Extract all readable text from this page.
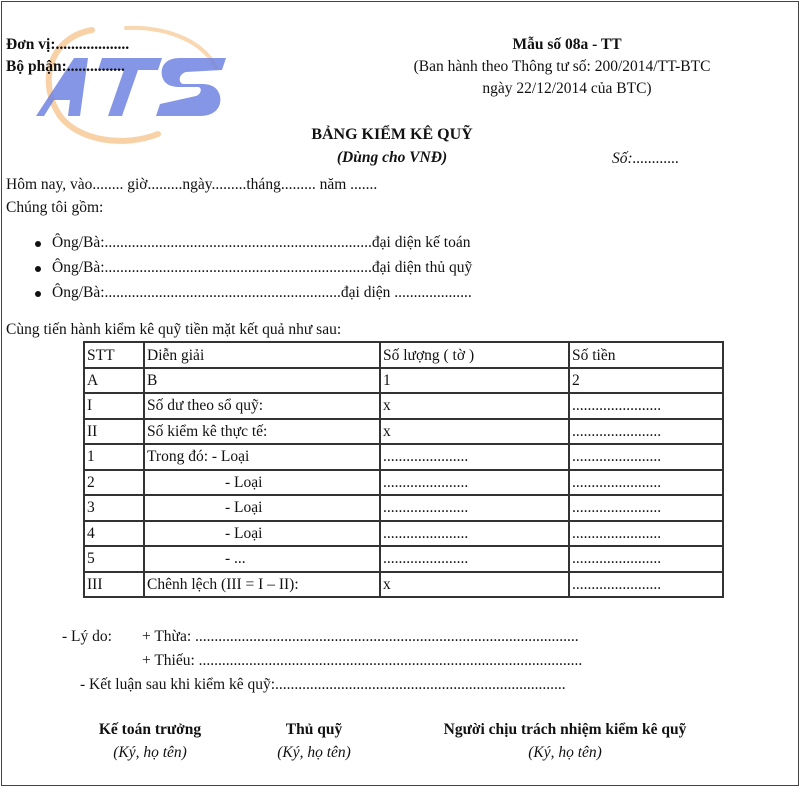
Đơn vị:...................
Bộ phận:...............
Mẫu số 08a - TT
(Ban hành theo Thông tư số: 200/2014/TT-BTC
ngày 22/12/2014 của BTC)
BẢNG KIỂM KÊ QUỸ
(Dùng cho VNĐ)	Số:............
Hôm nay, vào........ giờ.........ngày.........tháng......... năm .......
Chúng tôi gồm:
Ông/Bà:.....................................................................đại diện kế toán
Ông/Bà:.....................................................................đại diện thủ quỹ
Ông/Bà:.............................................................đại diện ....................
Cùng tiến hành kiểm kê quỹ tiền mặt kết quả như sau:
STT	Diễn giải	Số lượng ( tờ )	Số tiền
A	B	1	2
I	Số dư theo sổ quỹ:	x	.......................
II	Số kiểm kê thực tế:	x	.......................
1	Trong đó: - Loại	......................	.......................
2	- Loại	......................	.......................
3	- Loại	......................	.......................
4	- Loại	......................	.......................
5	- ...	......................	.......................
III	Chênh lệch (III = I – II):	x	.......................
- Lý do: + Thừa: ...................................................................................................
+ Thiếu: ...................................................................................................
- Kết luận sau khi kiểm kê quỹ:...........................................................................
Kế toán trưởng
(Ký, họ tên)
Thủ quỹ
(Ký, họ tên)
Người chịu trách nhiệm kiểm kê quỹ
(Ký, họ tên)
